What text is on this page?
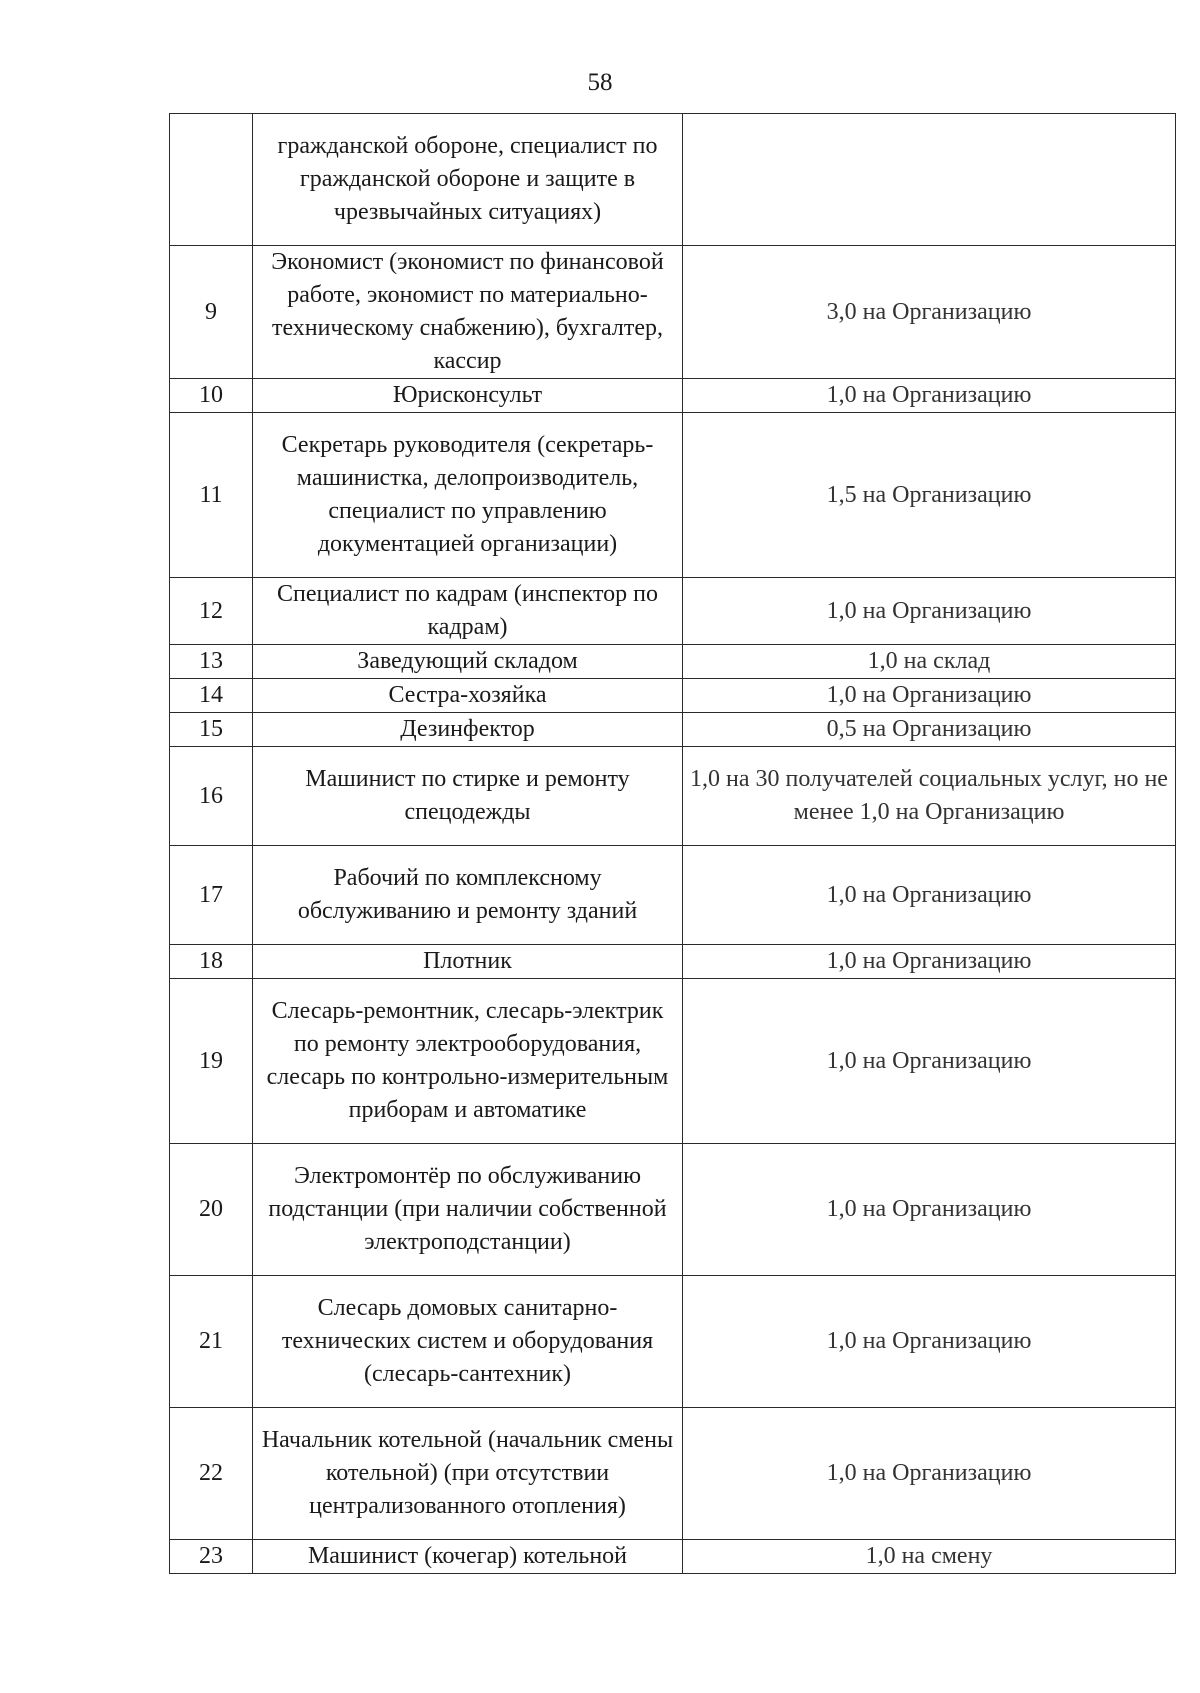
58
	гражданской обороне, специалист по гражданской обороне и защите в чрезвычайных ситуациях)	
9	Экономист (экономист по финансовой работе, экономист по материально-техническому снабжению), бухгалтер, кассир	3,0 на Организацию
10	Юрисконсульт	1,0 на Организацию
11	Секретарь руководителя (секретарь-машинистка, делопроизводитель, специалист по управлению документацией организации)	1,5 на Организацию
12	Специалист по кадрам (инспектор по кадрам)	1,0 на Организацию
13	Заведующий складом	1,0 на склад
14	Сестра-хозяйка	1,0 на Организацию
15	Дезинфектор	0,5 на Организацию
16	Машинист по стирке и ремонту спецодежды	1,0 на 30 получателей социальных услуг, но не менее 1,0 на Организацию
17	Рабочий по комплексному обслуживанию и ремонту зданий	1,0 на Организацию
18	Плотник	1,0 на Организацию
19	Слесарь-ремонтник, слесарь-электрик по ремонту электрооборудования, слесарь по контрольно-измерительным приборам и автоматике	1,0 на Организацию
20	Электромонтёр по обслуживанию подстанции (при наличии собственной электроподстанции)	1,0 на Организацию
21	Слесарь домовых санитарно-технических систем и оборудования (слесарь-сантехник)	1,0 на Организацию
22	Начальник котельной (начальник смены котельной) (при отсутствии централизованного отопления)	1,0 на Организацию
23	Машинист (кочегар) котельной	1,0 на смену
